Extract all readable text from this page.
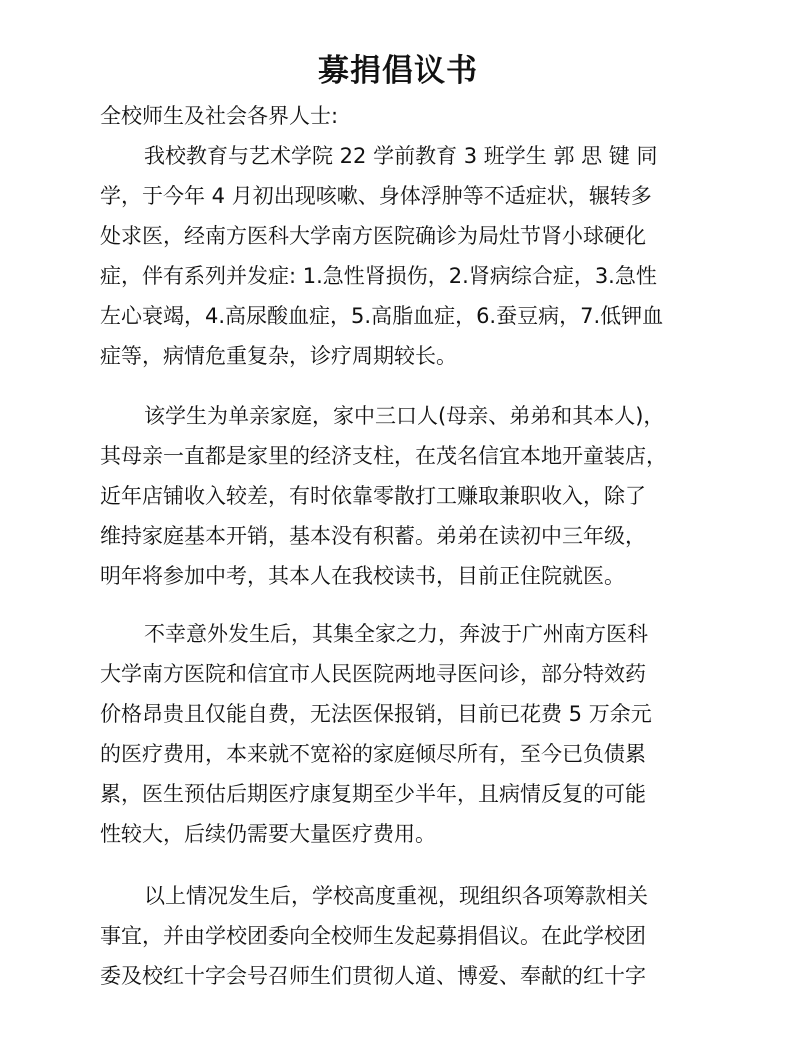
募捐倡议书

全校师生及社会各界人士:

我校教育与艺术学院 22 学前教育 3 班学生 郭 思 键 同
学，于今年 4 月初出现咳嗽、身体浮肿等不适症状，辗转多
处求医，经南方医科大学南方医院确诊为局灶节肾小球硬化
症，伴有系列并发症: 1.急性肾损伤，2.肾病综合症，3.急性
左心衰竭，4.高尿酸血症，5.高脂血症，6.蚕豆病，7.低钾血
症等，病情危重复杂，诊疗周期较长。
该学生为单亲家庭，家中三口人(母亲、弟弟和其本人)，
其母亲一直都是家里的经济支柱，在茂名信宜本地开童装店，
近年店铺收入较差，有时依靠零散打工赚取兼职收入，除了
维持家庭基本开销，基本没有积蓄。弟弟在读初中三年级，
明年将参加中考，其本人在我校读书，目前正住院就医。
不幸意外发生后，其集全家之力，奔波于广州南方医科
大学南方医院和信宜市人民医院两地寻医问诊，部分特效药
价格昂贵且仅能自费，无法医保报销，目前已花费 5 万余元
的医疗费用，本来就不宽裕的家庭倾尽所有，至今已负债累
累，医生预估后期医疗康复期至少半年，且病情反复的可能
性较大，后续仍需要大量医疗费用。
以上情况发生后，学校高度重视，现组织各项筹款相关
事宜，并由学校团委向全校师生发起募捐倡议。在此学校团
委及校红十字会号召师生们贯彻人道、博爱、奉献的红十字
